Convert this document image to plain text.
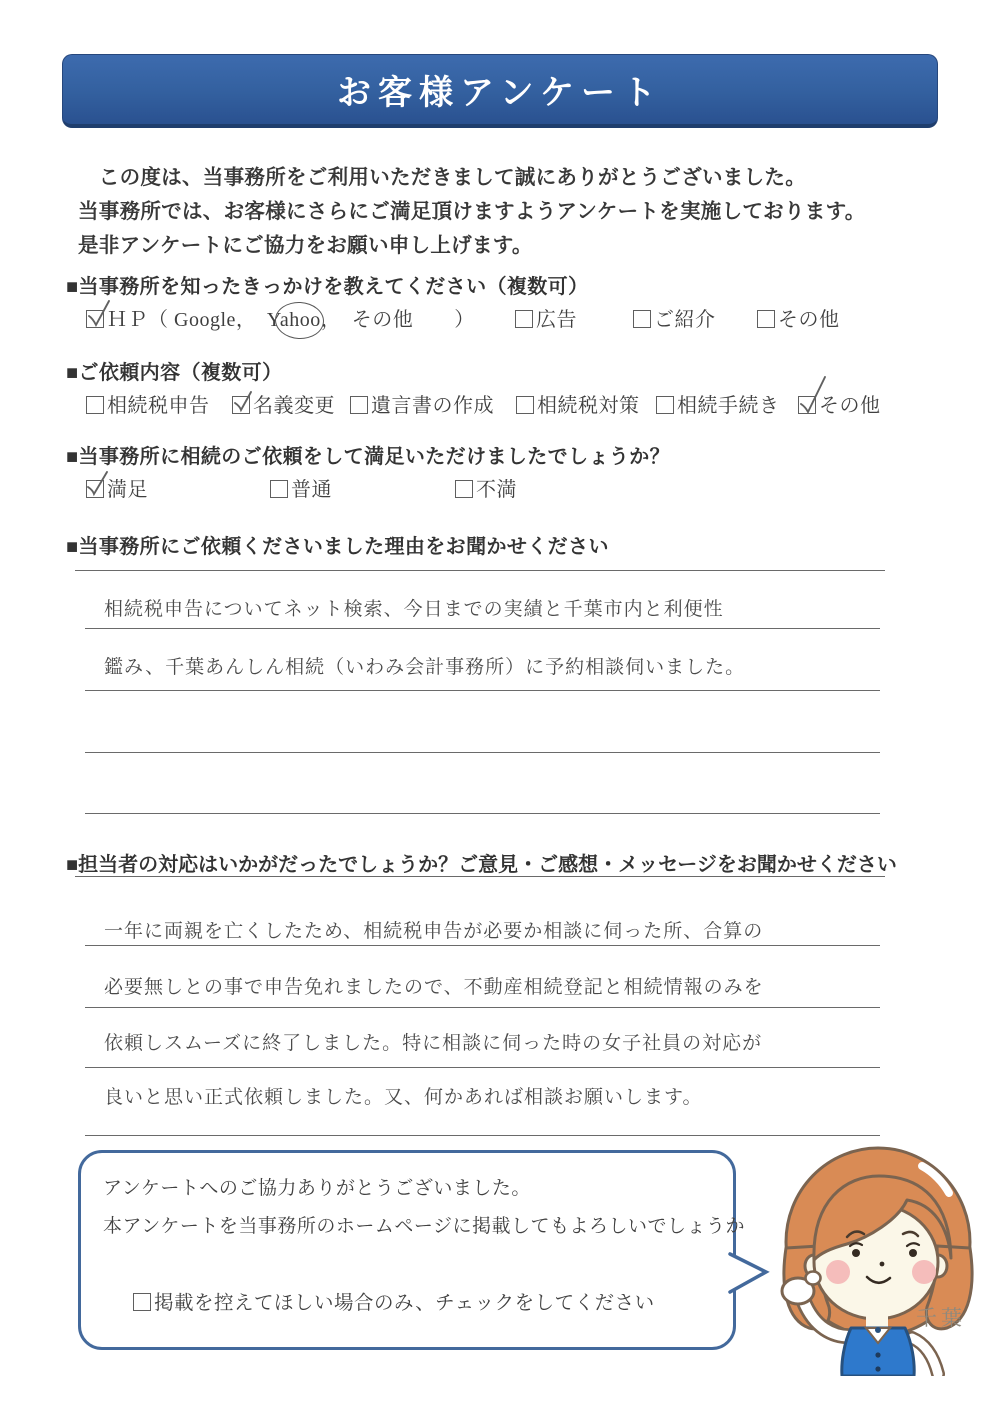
お客様アンケート
　この度は、当事務所をご利用いただきまして誠にありがとうございました。
当事務所では、お客様にさらにご満足頂けますようアンケートを実施しております。
是非アンケートにご協力をお願い申し上げます。
■当事務所を知ったきっかけを教えてください（複数可）
ＨＰ（ Google，　Yahoo
，　その他　　）	広告	ご紹介	その他
■ご依頼内容（複数可）
相続税申告	名義変更	遺言書の作成	相続税対策	相続手続き	その他
■当事務所に相続のご依頼をして満足いただけましたでしょうか？
満足	普通	不満
■当事務所にご依頼くださいました理由をお聞かせください
相続税申告についてネット検索、今日までの実績と千葉市内と利便性
鑑み、千葉あんしん相続（いわみ会計事務所）に予約相談伺いました。
■担当者の対応はいかがだったでしょうか？ご意見・ご感想・メッセージをお聞かせください
一年に両親を亡くしたため、相続税申告が必要か相談に伺った所、合算の
必要無しとの事で申告免れましたので、不動産相続登記と相続情報のみを
依頼しスムーズに終了しました。特に相談に伺った時の女子社員の対応が
良いと思い正式依頼しました。又、何かあれば相談お願いします。
アンケートへのご協力ありがとうございました。
本アンケートを当事務所のホームページに掲載してもよろしいでしょうか
掲載を控えてほしい場合のみ、チェックをしてください
千葉
